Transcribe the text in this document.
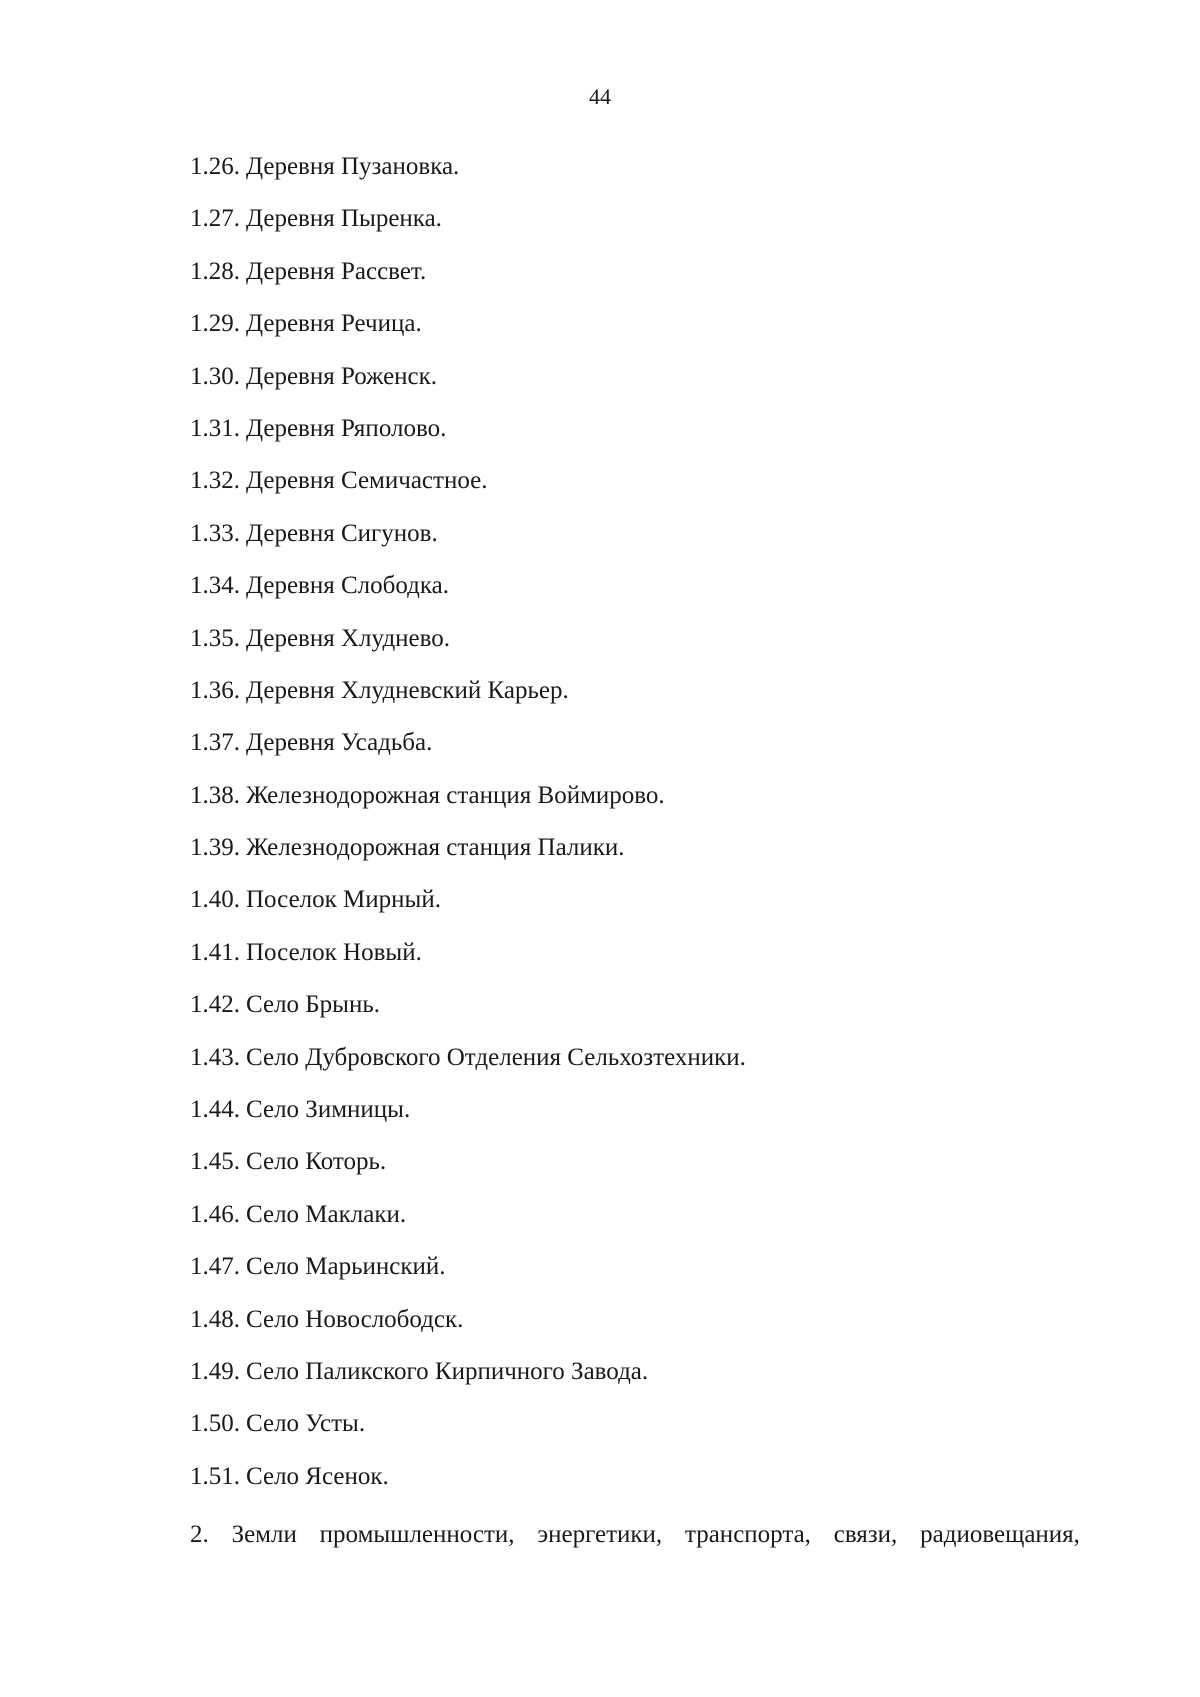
44
1.26. Деревня Пузановка.
1.27. Деревня Пыренка.
1.28. Деревня Рассвет.
1.29. Деревня Речица.
1.30. Деревня Роженск.
1.31. Деревня Ряполово.
1.32. Деревня Семичастное.
1.33. Деревня Сигунов.
1.34. Деревня Слободка.
1.35. Деревня Хлуднево.
1.36. Деревня Хлудневский Карьер.
1.37. Деревня Усадьба.
1.38. Железнодорожная станция Воймирово.
1.39. Железнодорожная станция Палики.
1.40. Поселок Мирный.
1.41. Поселок Новый.
1.42. Село Брынь.
1.43. Село Дубровского Отделения Сельхозтехники.
1.44. Село Зимницы.
1.45. Село Которь.
1.46. Село Маклаки.
1.47. Село Марьинский.
1.48. Село Новослободск.
1.49. Село Паликского Кирпичного Завода.
1.50. Село Усты.
1.51. Село Ясенок.
2. Земли промышленности, энергетики, транспорта, связи, радиовещания,
